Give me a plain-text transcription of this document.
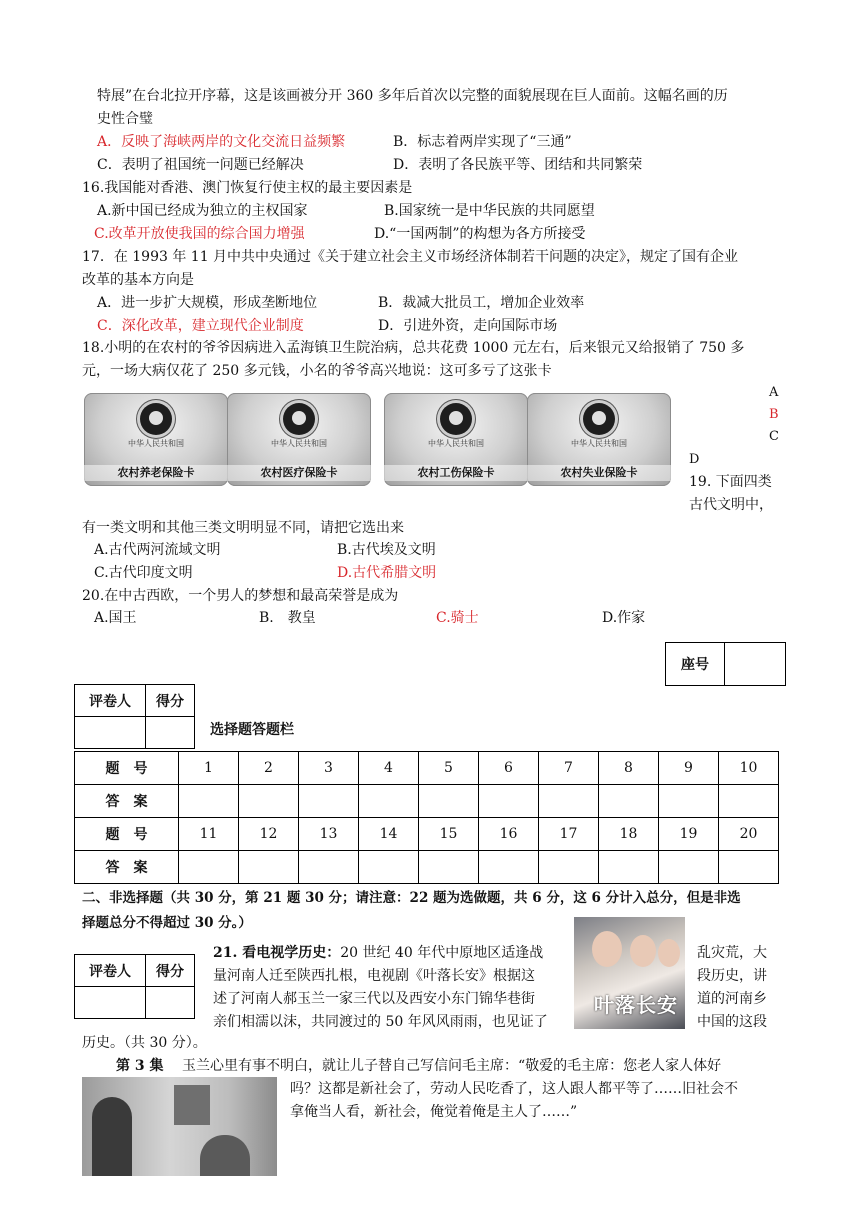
特展”在台北拉开序幕，这是该画被分开 360 多年后首次以完整的面貌展现在巨人面前。这幅名画的历
史性合璧
A．反映了海峡两岸的文化交流日益频繁	B．标志着两岸实现了“三通”
C．表明了祖国统一问题已经解决	D．表明了各民族平等、团结和共同繁荣
16.我国能对香港、澳门恢复行使主权的最主要因素是
A.新中国已经成为独立的主权国家	B.国家统一是中华民族的共同愿望
C.改革开放使我国的综合国力增强	D.“一国两制”的构想为各方所接受
17．在 1993 年 11 月中共中央通过《关于建立社会主义市场经济体制若干问题的决定》，规定了国有企业
改革的基本方向是
A．进一步扩大规模，形成垄断地位	B．裁减大批员工，增加企业效率
C．深化改革，建立现代企业制度	D．引进外资，走向国际市场
18.小明的在农村的爷爷因病进入孟海镇卫生院治病，总共花费 1000 元左右，后来银元又给报销了 750 多
元，一场大病仅花了 250 多元钱，小名的爷爷高兴地说：这可多亏了这张卡
中华人民共和国
农村养老保险卡
中华人民共和国
农村医疗保险卡
中华人民共和国
农村工伤保险卡
中华人民共和国
农村失业保险卡
A
B
C
D
19. 下面四类
古代文明中，
有一类文明和其他三类文明明显不同，请把它选出来
A.古代两河流域文明	B.古代埃及文明
C.古代印度文明	D.古代希腊文明
20.在中古西欧，一个男人的梦想和最高荣誉是成为
A.国王	B.　教皇	C.骑士	D.作家
座号	
评卷人	得分

选择题答题栏
题　号	1	2	3	4	5	6	7	8	9	10
答　案										
题　号	11	12	13	14	15	16	17	18	19	20
答　案										
二、非选择题（共 30 分，第 21 题 30 分；请注意：22 题为选做题，共 6 分，这 6 分计入总分，但是非选
择题总分不得超过 30 分。）
评卷人	得分

21. 看电视学历史：20 世纪 40 年代中原地区适逢战
量河南人迁至陕西扎根，电视剧《叶落长安》根据这
述了河南人郝玉兰一家三代以及西安小东门锦华巷街
亲们相濡以沫，共同渡过的 50 年风风雨雨，也见证了
乱灾荒，大
段历史，讲
道的河南乡
中国的这段
历史。（共 30 分）。
叶落长安
第 3 集 玉兰心里有事不明白，就让儿子替自己写信问毛主席：“敬爱的毛主席：您老人家人体好
吗？这都是新社会了，劳动人民吃香了，这人跟人都平等了……旧社会不
拿俺当人看，新社会，俺觉着俺是主人了……”
